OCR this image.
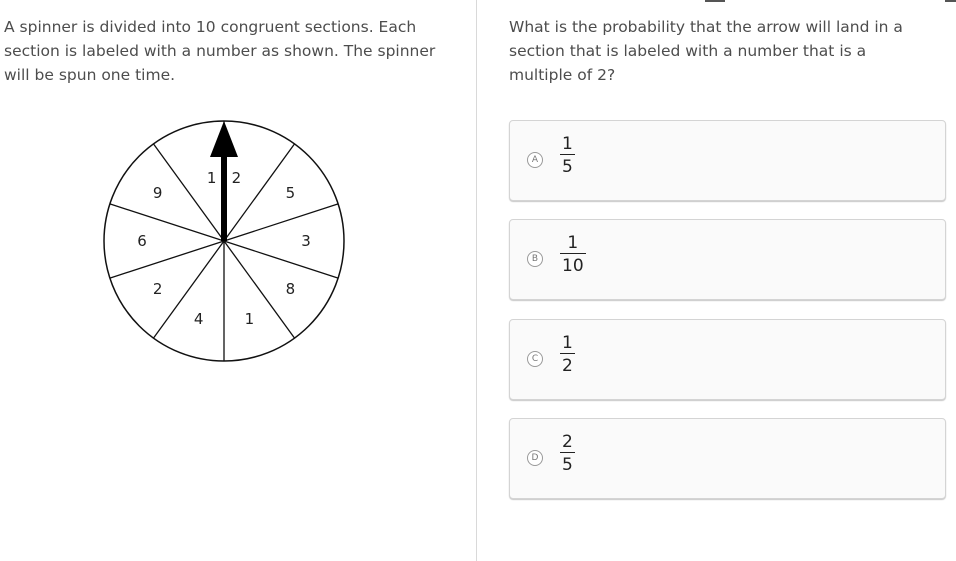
A spinner is divided into 10 congruent sections. Each section is labeled with a number as shown. The spinner will be spun one time.

1 2
5
3
8
1
4
2
6
9

What is the probability that the arrow will land in a section that is labeled with a number that is a multiple of 2?

A $\frac{1}{5}$
B $\frac{1}{10}$
C $\frac{1}{2}$
D $\frac{2}{5}$
